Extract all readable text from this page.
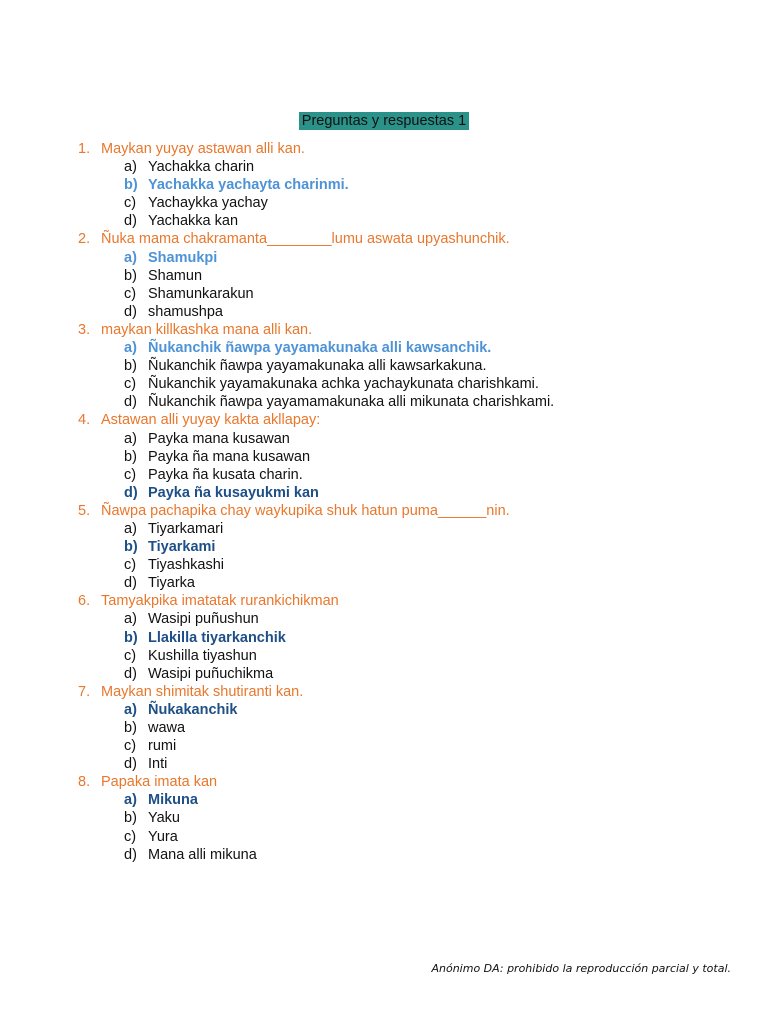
Preguntas y respuestas 1
1. Maykan yuyay astawan alli kan.
a) Yachakka charin
b) Yachakka yachayta charinmi.
c) Yachaykka yachay
d) Yachakka kan
2. Ñuka mama chakramanta________lumu aswata upyashunchik.
a) Shamukpi
b) Shamun
c) Shamunkarakun
d) shamushpa
3. maykan killkashka mana alli kan.
a) Ñukanchik ñawpa yayamakunaka alli kawsanchik.
b) Ñukanchik ñawpa yayamakunaka alli kawsarkakuna.
c) Ñukanchik yayamakunaka achka yachaykunata charishkami.
d) Ñukanchik ñawpa yayamamakunaka alli mikunata charishkami.
4. Astawan alli yuyay kakta akllapay:
a) Payka mana kusawan
b) Payka ña mana kusawan
c) Payka ña kusata charin.
d) Payka ña kusayukmi kan
5. Ñawpa pachapika chay waykupika shuk hatun puma______nin.
a) Tiyarkamari
b) Tiyarkami
c) Tiyashkashi
d) Tiyarka
6. Tamyakpika imatatak rurankichikman
a) Wasipi puñushun
b) Llakilla tiyarkanchik
c) Kushilla tiyashun
d) Wasipi puñuchikma
7. Maykan shimitak shutiranti kan.
a) Ñukakanchik
b) wawa
c) rumi
d) Inti
8. Papaka imata kan
a) Mikuna
b) Yaku
c) Yura
d) Mana alli mikuna
Anónimo DA: prohibido la reproducción parcial y total.
